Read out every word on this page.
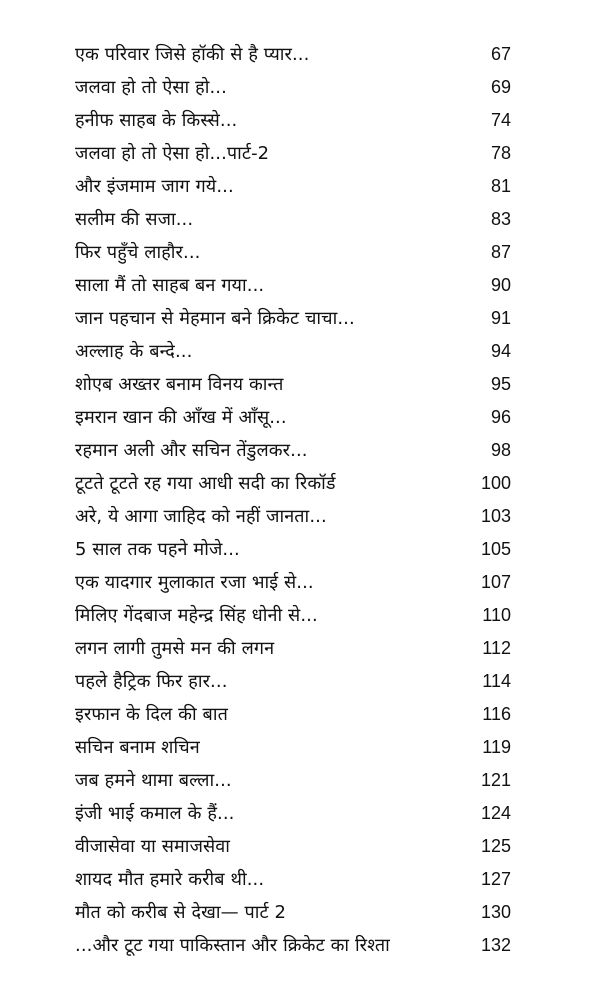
एक परिवार जिसे हॉकी से है प्यार...	67
जलवा हो तो ऐसा हो...	69
हनीफ साहब के किस्से...	74
जलवा हो तो ऐसा हो...पार्ट-2	78
और इंजमाम जाग गये...	81
सलीम की सजा...	83
फिर पहुँचे लाहौर...	87
साला मैं तो साहब बन गया...	90
जान पहचान से मेहमान बने क्रिकेट चाचा...	91
अल्लाह के बन्दे...	94
शोएब अख्तर बनाम विनय कान्त	95
इमरान खान की आँख में आँसू...	96
रहमान अली और सचिन तेंडुलकर...	98
टूटते टूटते रह गया आधी सदी का रिकॉर्ड	100
अरे, ये आगा जाहिद को नहीं जानता...	103
5 साल तक पहने मोजे...	105
एक यादगार मुलाकात रजा भाई से...	107
मिलिए गेंदबाज महेन्द्र सिंह धोनी से...	110
लगन लागी तुमसे मन की लगन	112
पहले हैट्रिक फिर हार...	114
इरफान के दिल की बात	116
सचिन बनाम शचिन	119
जब हमने थामा बल्ला...	121
इंजी भाई कमाल के हैं...	124
वीजासेवा या समाजसेवा	125
शायद मौत हमारे करीब थी...	127
मौत को करीब से देखा— पार्ट 2	130
...और टूट गया पाकिस्तान और क्रिकेट का रिश्ता	132
